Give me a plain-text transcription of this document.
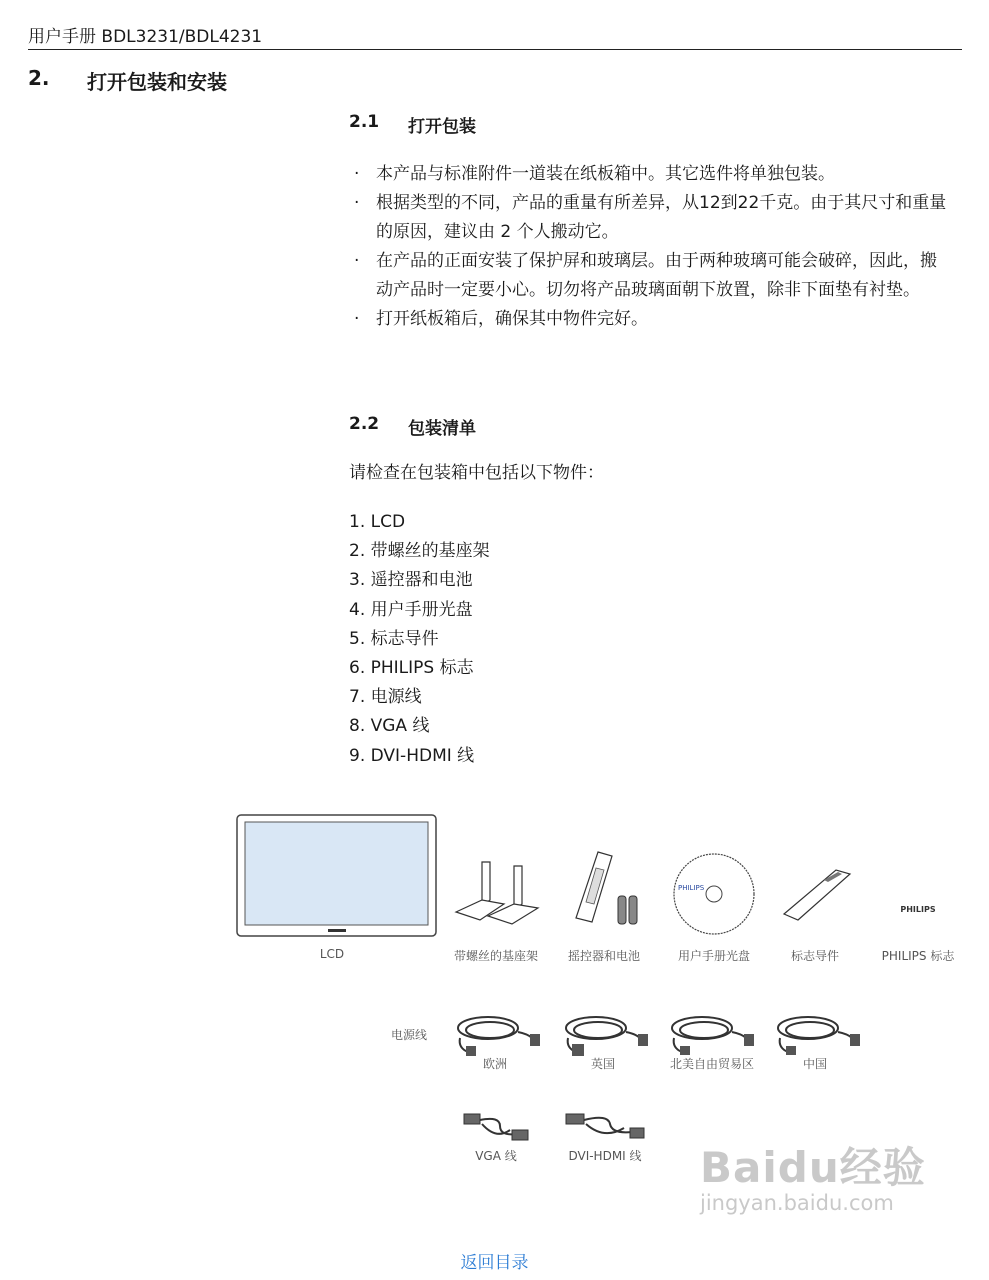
用户手册 BDL3231/BDL4231
2. 打开包装和安装
2.1 打开包装
· 本产品与标准附件一道装在纸板箱中。其它选件将单独包装。
· 根据类型的不同，产品的重量有所差异，从12到22千克。由于其尺寸和重量的原因，建议由 2 个人搬动它。
· 在产品的正面安装了保护屏和玻璃层。由于两种玻璃可能会破碎，因此，搬动产品时一定要小心。切勿将产品玻璃面朝下放置，除非下面垫有衬垫。
· 打开纸板箱后，确保其中物件完好。
2.2 包装清单
请检查在包装箱中包括以下物件：
1. LCD
2. 带螺丝的基座架
3. 遥控器和电池
4. 用户手册光盘
5. 标志导件
6. PHILIPS 标志
7. 电源线
8. VGA 线
9. DVI-HDMI 线
LCD	带螺丝的基座架	摇控器和电池
PHILIPS
用户手册光盘	标志导件
PHILIPS
PHILIPS 标志
电源线
欧洲	英国	北美自由贸易区	中国
VGA 线	DVI-HDMI 线 Baidu经验
jingyan.baidu.com
返回目录
